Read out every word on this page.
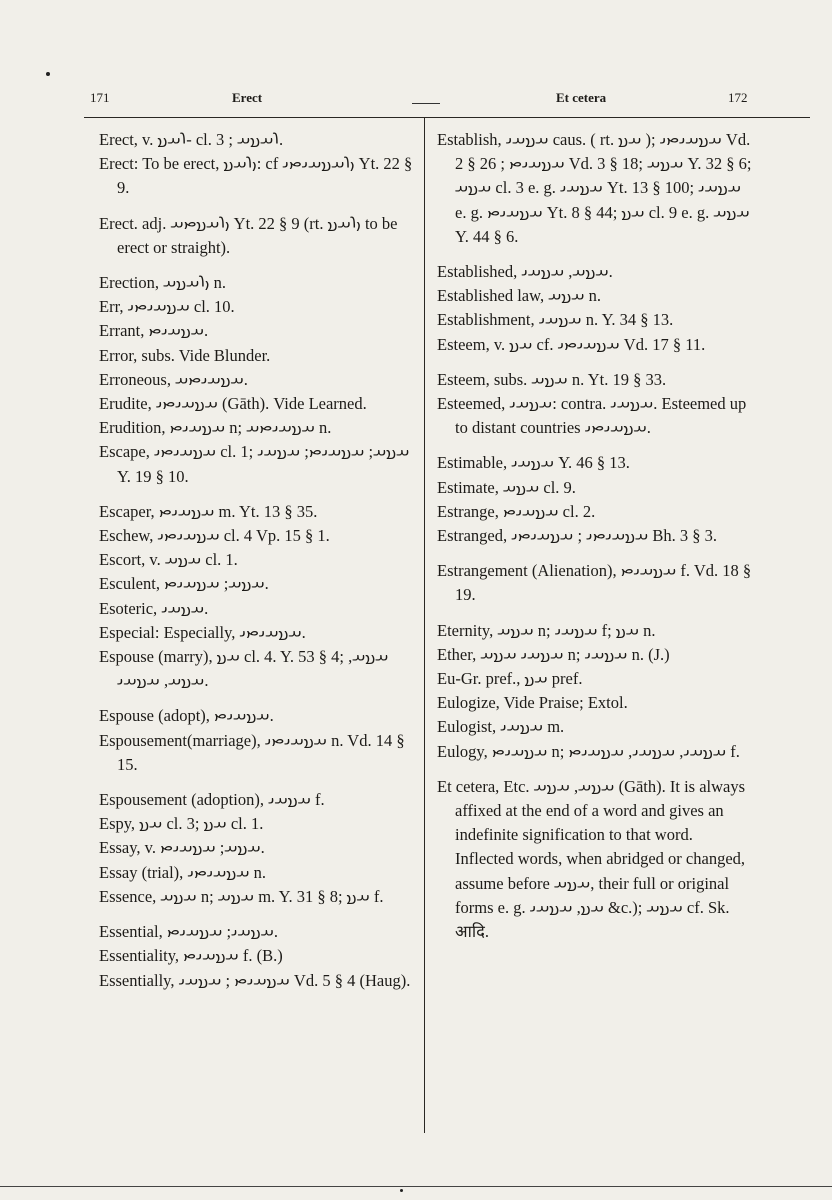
171	Erect	Et cetera	172

Erect, v. 𐬭𐬀𐬯- cl. 3 ; 𐬭𐬀𐬯𐬀.

Erect: To be erect, 𐬎𐬭𐬀𐬯: cf 𐬎𐬭𐬀𐬯𐬀𐬌𐬙𐬌 Yt. 22 § 9.

Erect. adj. 𐬎𐬭𐬀𐬯𐬙𐬀 Yt. 22 § 9 (rt. 𐬎𐬭𐬀𐬯 to be erect or straight).

Erection, 𐬎𐬭𐬀𐬯𐬀 n.

Err, 𐬀𐬯𐬀𐬌𐬙𐬌 cl. 10.

Errant, 𐬀𐬯𐬀𐬌𐬙.

Error, subs. Vide Blunder.

Erroneous, 𐬀𐬯𐬀𐬌𐬙𐬀.

Erudite, 𐬀𐬯𐬀𐬌𐬙𐬌 (Gāth). Vide Learned.

Erudition, 𐬀𐬯𐬀𐬌𐬙 n; 𐬀𐬯𐬀𐬌𐬙𐬀 n.

Escape, 𐬀𐬯𐬀𐬌𐬙𐬌 cl. 1; 𐬀𐬯𐬀; 𐬀𐬯𐬀𐬌𐬙; 𐬀𐬯𐬀𐬌 Y. 19 § 10.

Escaper, 𐬀𐬯𐬀𐬌𐬙 m. Yt. 13 § 35.

Eschew, 𐬀𐬯𐬀𐬌𐬙𐬌 cl. 4 Vp. 15 § 1.

Escort, v. 𐬀𐬯𐬀 cl. 1.

Esculent, 𐬀𐬯𐬀; 𐬀𐬯𐬀𐬌𐬙.

Esoteric, 𐬀𐬯𐬀𐬌.

Especial: Especially, 𐬀𐬯𐬀𐬌𐬙𐬌.

Espouse (marry), 𐬀𐬯 cl. 4. Y. 53 § 4; 𐬀𐬯𐬀, 𐬀𐬯𐬀, 𐬀𐬯𐬀𐬌.

Espouse (adopt), 𐬀𐬯𐬀𐬌𐬙.

Espousement(marriage), 𐬀𐬯𐬀𐬌𐬙𐬌 n. Vd. 14 § 15.

Espousement (adoption), 𐬀𐬯𐬀𐬌 f.

Espy, 𐬀𐬯 cl. 3; 𐬀𐬯 cl. 1.

Essay, v. 𐬀𐬯𐬀; 𐬀𐬯𐬀𐬌𐬙.

Essay (trial), 𐬀𐬯𐬀𐬌𐬙𐬌 n.

Essence, 𐬀𐬯𐬀 n; 𐬀𐬯𐬀 m. Y. 31 § 8; 𐬀𐬯 f.

Essential, 𐬀𐬯𐬀𐬌; 𐬀𐬯𐬀𐬌𐬙.

Essentiality, 𐬀𐬯𐬀𐬌𐬙 f. (B.)

Essentially, 𐬀𐬯𐬀𐬌𐬙 ; 𐬀𐬯𐬀𐬌 Vd. 5 § 4 (Haug).

Establish, 𐬀𐬯𐬀𐬌 caus. ( rt. 𐬀𐬯 ); 𐬀𐬯𐬀𐬌𐬙𐬌 Vd. 2 § 26 ; 𐬀𐬯𐬀𐬌𐬙 Vd. 3 § 18; 𐬀𐬯𐬀 Y. 32 § 6; 𐬀𐬯𐬀 cl. 3 e. g. 𐬀𐬯𐬀𐬌 Yt. 13 § 100; 𐬀𐬯𐬀𐬌 e. g. 𐬀𐬯𐬀𐬌𐬙 Yt. 8 § 44; 𐬀𐬯 cl. 9 e. g. 𐬀𐬯𐬀 Y. 44 § 6.

Established, 𐬀𐬯𐬀, 𐬀𐬯𐬀𐬌.

Established law, 𐬀𐬯𐬀 n.

Establishment, 𐬀𐬯𐬀𐬌 n. Y. 34 § 13.

Esteem, v. 𐬀𐬯 cf. 𐬀𐬯𐬀𐬌𐬙𐬌 Vd. 17 § 11.

Esteem, subs. 𐬀𐬯𐬀 n. Yt. 19 § 33.

Esteemed, 𐬀𐬯𐬀𐬌: contra. 𐬀𐬯𐬀𐬌. Esteemed up to distant countries 𐬀𐬯𐬀𐬌𐬙𐬌.

Estimable, 𐬀𐬯𐬀𐬌 Y. 46 § 13.

Estimate, 𐬀𐬯𐬀 cl. 9.

Estrange, 𐬀𐬯𐬀𐬌𐬙 cl. 2.

Estranged, 𐬀𐬯𐬀𐬌𐬙𐬌 ; 𐬀𐬯𐬀𐬌𐬙𐬌 Bh. 3 § 3.

Estrangement (Alienation), 𐬀𐬯𐬀𐬌𐬙 f. Vd. 18 § 19.

Eternity, 𐬀𐬯𐬀 n; 𐬀𐬯𐬀𐬌 f; 𐬀𐬯 n.

Ether, 𐬀𐬯𐬀𐬌 𐬀𐬯𐬀 n; 𐬀𐬯𐬀𐬌 n. (J.)

Eu-Gr. pref., 𐬀𐬯 pref.

Eulogize, Vide Praise; Extol.

Eulogist, 𐬀𐬯𐬀𐬌 m.

Eulogy, 𐬀𐬯𐬀𐬌𐬙 n; 𐬀𐬯𐬀𐬌, 𐬀𐬯𐬀𐬌, 𐬀𐬯𐬀𐬌𐬙 f.

Et cetera, Etc. 𐬀𐬯𐬀, 𐬀𐬯𐬀 (Gāth). It is always affixed at the end of a word and gives an indefinite signification to that word. Inflected words, when abridged or changed, assume before 𐬀𐬯𐬀, their full or original forms e. g. 𐬀𐬯, 𐬀𐬯𐬀𐬌 &c.); 𐬀𐬯𐬀 cf. Sk. आदि.
